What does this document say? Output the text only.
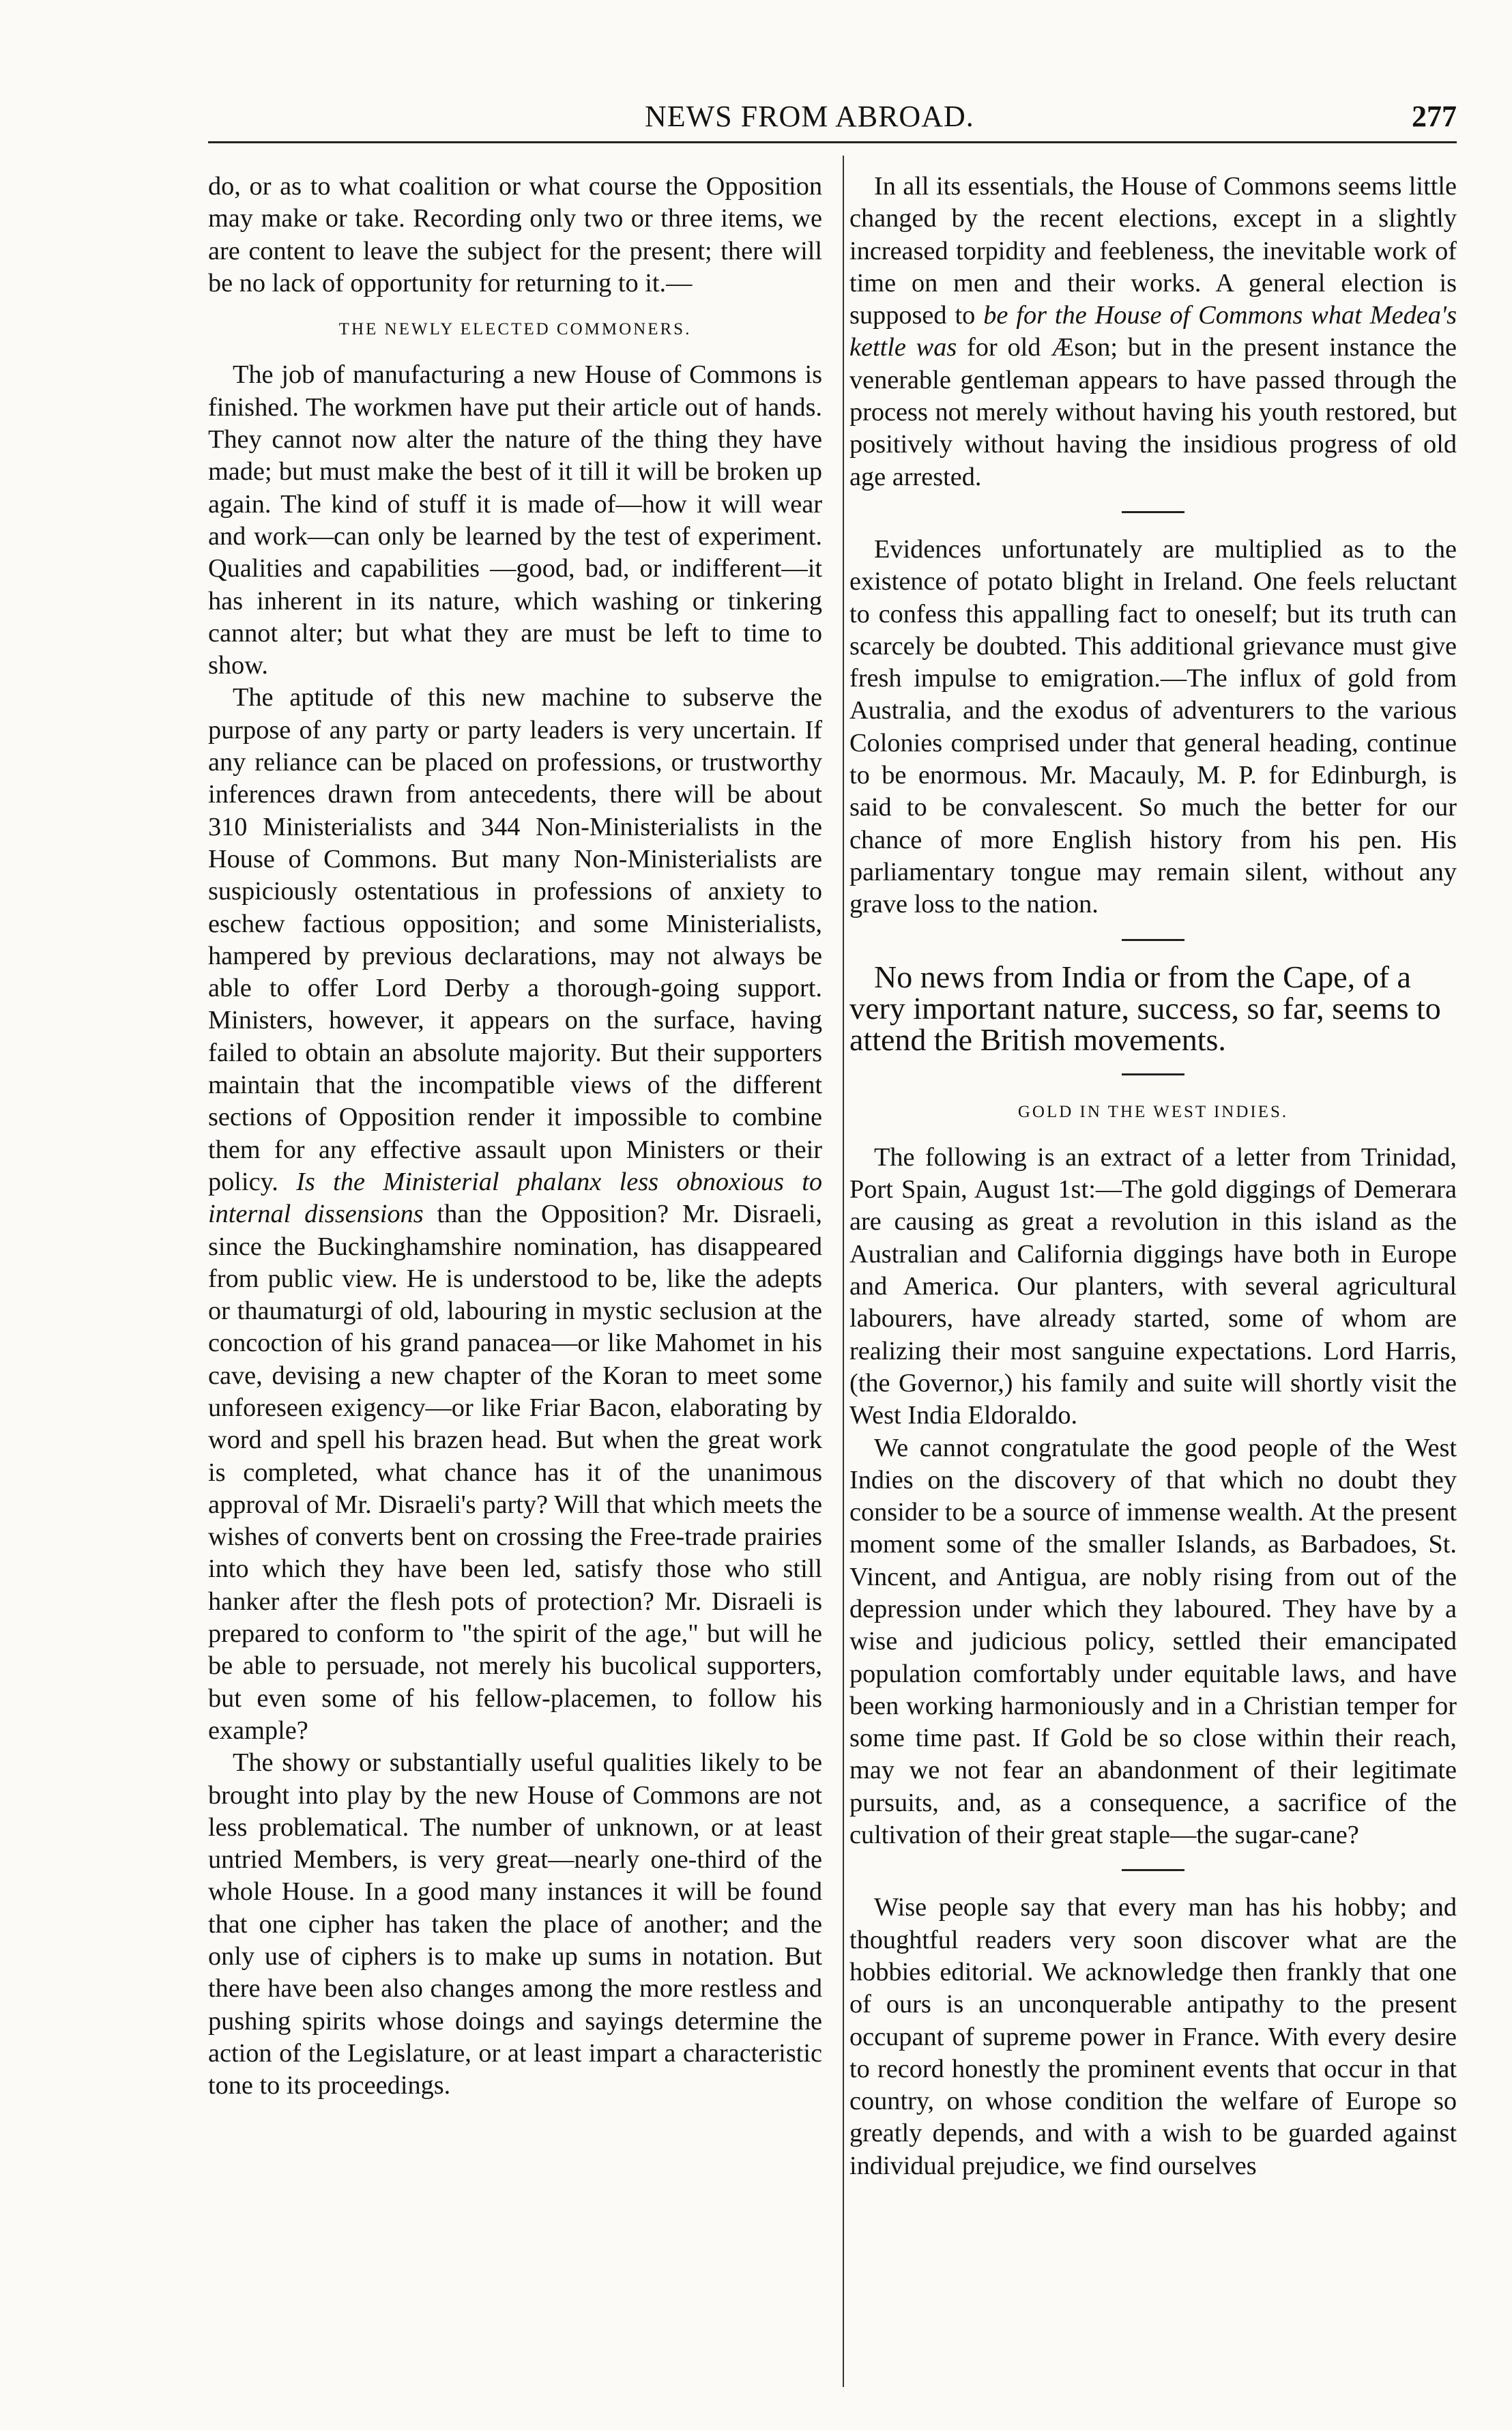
NEWS FROM ABROAD.	277

do, or as to what coalition or what course the Opposition may make or take. Recording only two or three items, we are content to leave the subject for the present; there will be no lack of opportunity for returning to it.—

THE NEWLY ELECTED COMMONERS.

The job of manufacturing a new House of Commons is finished. The workmen have put their article out of hands. They cannot now alter the nature of the thing they have made; but must make the best of it till it will be broken up again. The kind of stuff it is made of—how it will wear and work—can only be learned by the test of experiment. Qualities and capabilities —good, bad, or indifferent—it has inherent in its nature, which washing or tinkering cannot alter; but what they are must be left to time to show.

The aptitude of this new machine to subserve the purpose of any party or party leaders is very uncertain. If any reliance can be placed on professions, or trustworthy inferences drawn from antecedents, there will be about 310 Ministerialists and 344 Non-Ministerialists in the House of Commons. But many Non-Ministerialists are suspiciously ostentatious in professions of anxiety to eschew factious opposition; and some Ministerialists, hampered by previous declarations, may not always be able to offer Lord Derby a thorough-going support. Ministers, however, it appears on the surface, having failed to obtain an absolute majority. But their supporters maintain that the incompatible views of the different sections of Opposition render it impossible to combine them for any effective assault upon Ministers or their policy. Is the Ministerial phalanx less obnoxious to internal dissensions than the Opposition? Mr. Disraeli, since the Buckinghamshire nomination, has disappeared from public view. He is understood to be, like the adepts or thaumaturgi of old, labouring in mystic seclusion at the concoction of his grand panacea—or like Mahomet in his cave, devising a new chapter of the Koran to meet some unforeseen exigency—or like Friar Bacon, elaborating by word and spell his brazen head. But when the great work is completed, what chance has it of the unanimous approval of Mr. Disraeli's party? Will that which meets the wishes of converts bent on crossing the Free-trade prairies into which they have been led, satisfy those who still hanker after the flesh pots of protection? Mr. Disraeli is prepared to conform to "the spirit of the age," but will he be able to persuade, not merely his bucolical supporters, but even some of his fellow-placemen, to follow his example?

The showy or substantially useful qualities likely to be brought into play by the new House of Commons are not less problematical. The number of unknown, or at least untried Members, is very great—nearly one-third of the whole House. In a good many instances it will be found that one cipher has taken the place of another; and the only use of ciphers is to make up sums in notation. But there have been also changes among the more restless and pushing spirits whose doings and sayings determine the action of the Legislature, or at least impart a characteristic tone to its proceedings.

In all its essentials, the House of Commons seems little changed by the recent elections, except in a slightly increased torpidity and feebleness, the inevitable work of time on men and their works. A general election is supposed to be for the House of Commons what Medea's kettle was for old Æson; but in the present instance the venerable gentleman appears to have passed through the process not merely without having his youth restored, but positively without having the insidious progress of old age arrested.

Evidences unfortunately are multiplied as to the existence of potato blight in Ireland. One feels reluctant to confess this appalling fact to oneself; but its truth can scarcely be doubted. This additional grievance must give fresh impulse to emigration.—The influx of gold from Australia, and the exodus of adventurers to the various Colonies comprised under that general heading, continue to be enormous. Mr. Macauly, M. P. for Edinburgh, is said to be convalescent. So much the better for our chance of more English history from his pen. His parliamentary tongue may remain silent, without any grave loss to the nation.

No news from India or from the Cape, of a very important nature, success, so far, seems to attend the British movements.

GOLD IN THE WEST INDIES.

The following is an extract of a letter from Trinidad, Port Spain, August 1st:—The gold diggings of Demerara are causing as great a revolution in this island as the Australian and California diggings have both in Europe and America. Our planters, with several agricultural labourers, have already started, some of whom are realizing their most sanguine expectations. Lord Harris, (the Governor,) his family and suite will shortly visit the West India Eldoraldo.

We cannot congratulate the good people of the West Indies on the discovery of that which no doubt they consider to be a source of immense wealth. At the present moment some of the smaller Islands, as Barbadoes, St. Vincent, and Antigua, are nobly rising from out of the depression under which they laboured. They have by a wise and judicious policy, settled their emancipated population comfortably under equitable laws, and have been working harmoniously and in a Christian temper for some time past. If Gold be so close within their reach, may we not fear an abandonment of their legitimate pursuits, and, as a consequence, a sacrifice of the cultivation of their great staple—the sugar-cane?

Wise people say that every man has his hobby; and thoughtful readers very soon discover what are the hobbies editorial. We acknowledge then frankly that one of ours is an unconquerable antipathy to the present occupant of supreme power in France. With every desire to record honestly the prominent events that occur in that country, on whose condition the welfare of Europe so greatly depends, and with a wish to be guarded against individual prejudice, we find ourselves
